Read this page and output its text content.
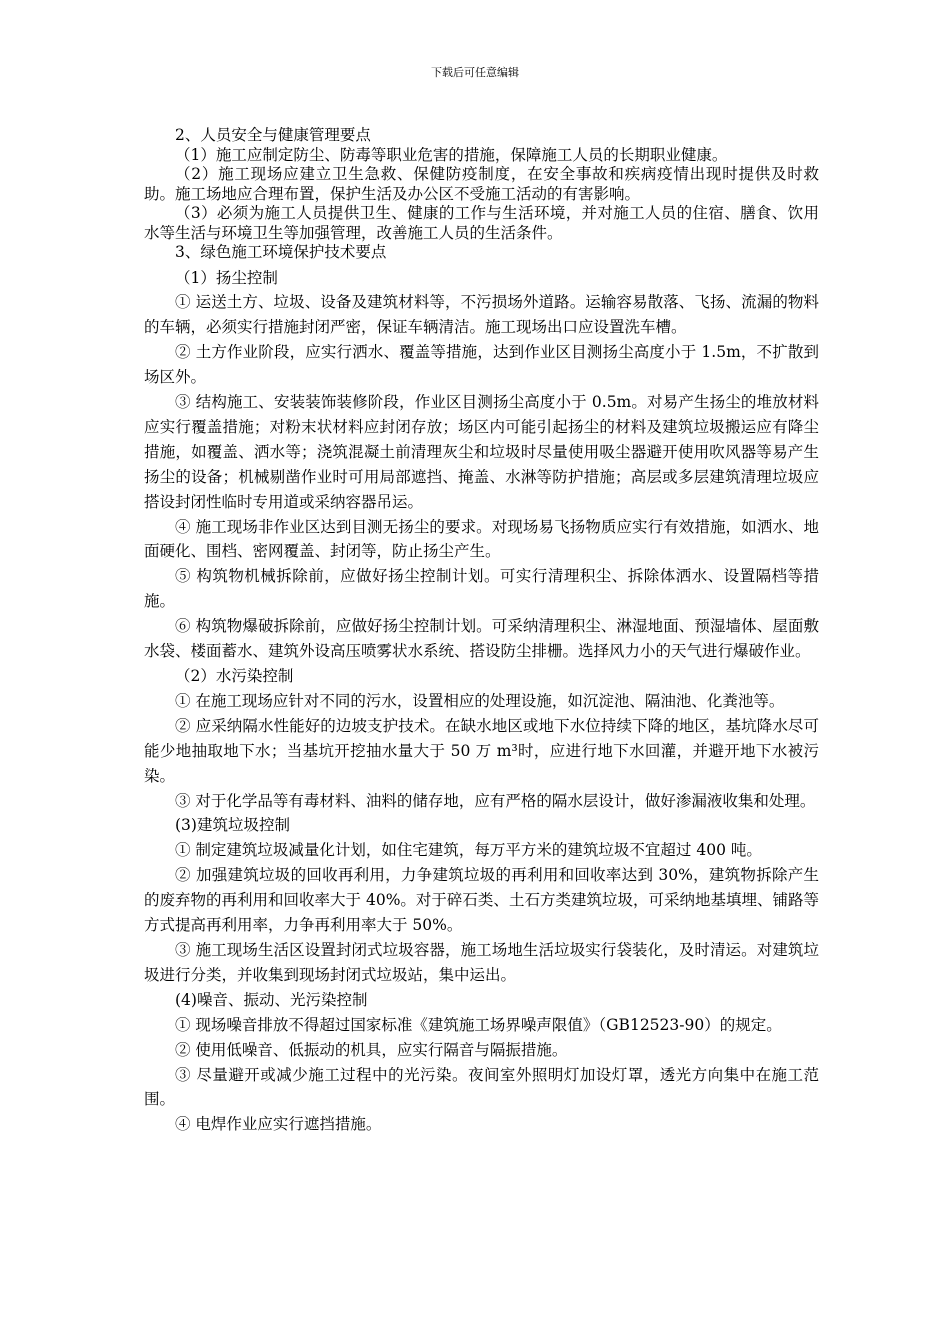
下载后可任意编辑

2、人员安全与健康管理要点

（1）施工应制定防尘、防毒等职业危害的措施，保障施工人员的长期职业健康。

（2）施工现场应建立卫生急救、保健防疫制度，在安全事故和疾病疫情出现时提供及时救助。施工场地应合理布置，保护生活及办公区不受施工活动的有害影响。

（3）必须为施工人员提供卫生、健康的工作与生活环境，并对施工人员的住宿、膳食、饮用水等生活与环境卫生等加强管理，改善施工人员的生活条件。

3、绿色施工环境保护技术要点

（1）扬尘控制

① 运送土方、垃圾、设备及建筑材料等，不污损场外道路。运输容易散落、飞扬、流漏的物料的车辆，必须实行措施封闭严密，保证车辆清洁。施工现场出口应设置洗车槽。

② 土方作业阶段，应实行洒水、覆盖等措施，达到作业区目测扬尘高度小于 1.5m，不扩散到场区外。

③ 结构施工、安装装饰装修阶段，作业区目测扬尘高度小于 0.5m。对易产生扬尘的堆放材料应实行覆盖措施；对粉末状材料应封闭存放；场区内可能引起扬尘的材料及建筑垃圾搬运应有降尘措施，如覆盖、洒水等；浇筑混凝土前清理灰尘和垃圾时尽量使用吸尘器避开使用吹风器等易产生扬尘的设备；机械剔凿作业时可用局部遮挡、掩盖、水淋等防护措施；高层或多层建筑清理垃圾应搭设封闭性临时专用道或采纳容器吊运。

④ 施工现场非作业区达到目测无扬尘的要求。对现场易飞扬物质应实行有效措施，如洒水、地面硬化、围档、密网覆盖、封闭等，防止扬尘产生。

⑤ 构筑物机械拆除前，应做好扬尘控制计划。可实行清理积尘、拆除体洒水、设置隔档等措施。

⑥ 构筑物爆破拆除前，应做好扬尘控制计划。可采纳清理积尘、淋湿地面、预湿墙体、屋面敷水袋、楼面蓄水、建筑外设高压喷雾状水系统、搭设防尘排栅。选择风力小的天气进行爆破作业。

（2）水污染控制

① 在施工现场应针对不同的污水，设置相应的处理设施，如沉淀池、隔油池、化粪池等。

② 应采纳隔水性能好的边坡支护技术。在缺水地区或地下水位持续下降的地区，基坑降水尽可能少地抽取地下水；当基坑开挖抽水量大于 50 万 m³时，应进行地下水回灌，并避开地下水被污染。

③ 对于化学品等有毒材料、油料的储存地，应有严格的隔水层设计，做好渗漏液收集和处理。

(3)建筑垃圾控制

① 制定建筑垃圾减量化计划，如住宅建筑，每万平方米的建筑垃圾不宜超过 400 吨。

② 加强建筑垃圾的回收再利用，力争建筑垃圾的再利用和回收率达到 30%，建筑物拆除产生的废弃物的再利用和回收率大于 40%。对于碎石类、土石方类建筑垃圾，可采纳地基填埋、铺路等方式提高再利用率，力争再利用率大于 50%。

③ 施工现场生活区设置封闭式垃圾容器，施工场地生活垃圾实行袋装化，及时清运。对建筑垃圾进行分类，并收集到现场封闭式垃圾站，集中运出。

(4)噪音、振动、光污染控制

① 现场噪音排放不得超过国家标准《建筑施工场界噪声限值》（GB12523-90）的规定。

② 使用低噪音、低振动的机具，应实行隔音与隔振措施。

③ 尽量避开或减少施工过程中的光污染。夜间室外照明灯加设灯罩，透光方向集中在施工范围。

④ 电焊作业应实行遮挡措施。
